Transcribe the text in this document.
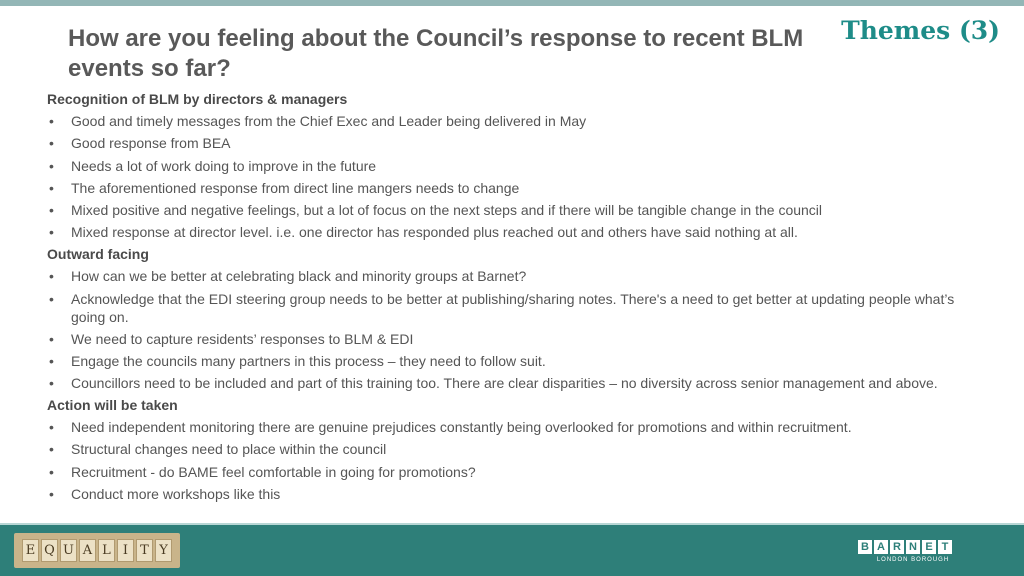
How are you feeling about the Council’s response to recent BLM events so far?
Themes (3)
Recognition of BLM by directors & managers
• Good and timely messages from the Chief Exec and Leader being delivered in May
• Good response from BEA
• Needs a lot of work doing to improve in the future
• The aforementioned response from direct line mangers needs to change
• Mixed positive and negative feelings, but a lot of focus on the next steps and if there will be tangible change in the council
• Mixed response at director level. i.e. one director has responded plus reached out and others have said nothing at all.
Outward facing
• How can we be better at celebrating black and minority groups at Barnet?
• Acknowledge that the EDI steering group needs to be better at publishing/sharing notes. There's a need to get better at updating people what’s going on.
• We need to capture residents’ responses to BLM & EDI
• Engage the councils many partners in this process – they need to follow suit.
• Councillors need to be included and part of this training too. There are clear disparities – no diversity across senior management and above.
Action will be taken
• Need independent monitoring there are genuine prejudices constantly being overlooked for promotions and within recruitment.
• Structural changes need to place within the council
• Recruitment - do BAME feel comfortable in going for promotions?
• Conduct more workshops like this
E Q U A L I T Y	B A R N E T
LONDON BOROUGH
